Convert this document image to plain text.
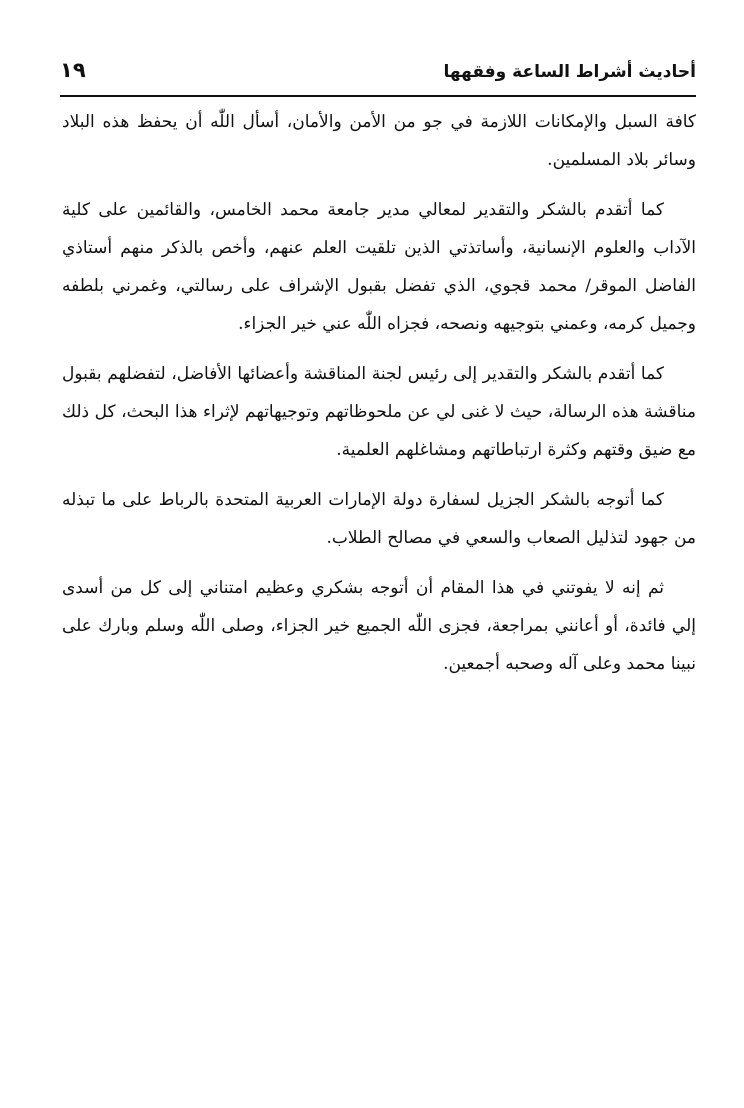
أحاديث أشراط الساعة وفقهها
١٩

كافة السبل والإمكانات اللازمة في جو من الأمن والأمان، أسأل اللّٰه أن يحفظ هذه البلاد وسائر بلاد المسلمين.

كما أتقدم بالشكر والتقدير لمعالي مدير جامعة محمد الخامس، والقائمين على كلية الآداب والعلوم الإنسانية، وأساتذتي الذين تلقيت العلم عنهم، وأخص بالذكر منهم أستاذي الفاضل الموقر/ محمد قجوي، الذي تفضل بقبول الإشراف على رسالتي، وغمرني بلطفه وجميل كرمه، وعمني بتوجيهه ونصحه، فجزاه اللّٰه عني خير الجزاء.

كما أتقدم بالشكر والتقدير إلى رئيس لجنة المناقشة وأعضائها الأفاضل، لتفضلهم بقبول مناقشة هذه الرسالة، حيث لا غنى لي عن ملحوظاتهم وتوجيهاتهم لإثراء هذا البحث، كل ذلك مع ضيق وقتهم وكثرة ارتباطاتهم ومشاغلهم العلمية.

كما أتوجه بالشكر الجزيل لسفارة دولة الإمارات العربية المتحدة بالرباط على ما تبذله من جهود لتذليل الصعاب والسعي في مصالح الطلاب.

ثم إنه لا يفوتني في هذا المقام أن أتوجه بشكري وعظيم امتناني إلى كل من أسدى إلي فائدة، أو أعانني بمراجعة، فجزى اللّٰه الجميع خير الجزاء، وصلى اللّٰه وسلم وبارك على نبينا محمد وعلى آله وصحبه أجمعين.
